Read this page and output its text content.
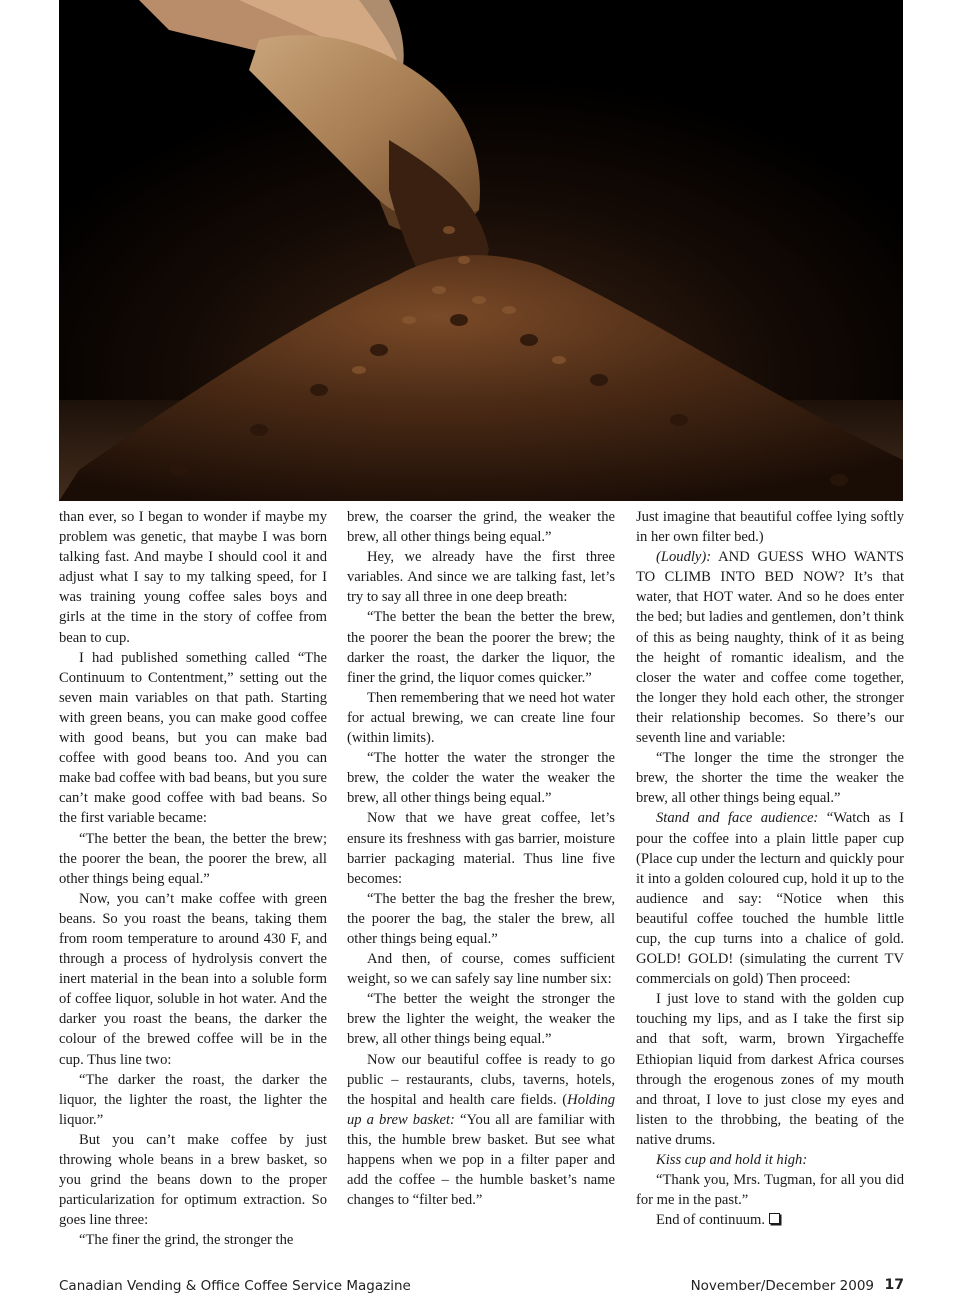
than ever, so I began to wonder if maybe my problem was genetic, that maybe I was born talking fast. And maybe I should cool it and adjust what I say to my talking speed, for I was training young coffee sales boys and girls at the time in the story of coffee from bean to cup.

I had published something called “The Continuum to Contentment,” setting out the seven main variables on that path. Starting with green beans, you can make good coffee with good beans, but you can make bad coffee with good beans too. And you can make bad coffee with bad beans, but you sure can’t make good coffee with bad beans. So the first variable became:

“The better the bean, the better the brew; the poorer the bean, the poorer the brew, all other things being equal.”

Now, you can’t make coffee with green beans. So you roast the beans, taking them from room temperature to around 430 F, and through a process of hydrolysis convert the inert material in the bean into a soluble form of coffee liquor, soluble in hot water. And the darker you roast the beans, the darker the colour of the brewed coffee will be in the cup. Thus line two:

“The darker the roast, the darker the liquor, the lighter the roast, the lighter the liquor.”

But you can’t make coffee by just throwing whole beans in a brew basket, so you grind the beans down to the proper particularization for optimum extraction. So goes line three:

“The finer the grind, the stronger the

brew, the coarser the grind, the weaker the brew, all other things being equal.”

Hey, we already have the first three variables. And since we are talking fast, let’s try to say all three in one deep breath:

“The better the bean the better the brew, the poorer the bean the poorer the brew; the darker the roast, the darker the liquor, the finer the grind, the liquor comes quicker.”

Then remembering that we need hot water for actual brewing, we can create line four (within limits).

“The hotter the water the stronger the brew, the colder the water the weaker the brew, all other things being equal.”

Now that we have great coffee, let’s ensure its freshness with gas barrier, moisture barrier packaging material. Thus line five becomes:

“The better the bag the fresher the brew, the poorer the bag, the staler the brew, all other things being equal.”

And then, of course, comes sufficient weight, so we can safely say line number six:

“The better the weight the stronger the brew the lighter the weight, the weaker the brew, all other things being equal.”

Now our beautiful coffee is ready to go public – restaurants, clubs, taverns, hotels, the hospital and health care fields. (Holding up a brew basket: “You all are familiar with this, the humble brew basket. But see what happens when we pop in a filter paper and add the coffee – the humble basket’s name changes to “filter bed.”

Just imagine that beautiful coffee lying softly in her own filter bed.)

(Loudly): AND GUESS WHO WANTS TO CLIMB INTO BED NOW? It’s that water, that HOT water. And so he does enter the bed; but ladies and gentlemen, don’t think of this as being naughty, think of it as being the height of romantic idealism, and the closer the water and coffee come together, the longer they hold each other, the stronger their relationship becomes. So there’s our seventh line and variable:

“The longer the time the stronger the brew, the shorter the time the weaker the brew, all other things being equal.”

Stand and face audience: “Watch as I pour the coffee into a plain little paper cup (Place cup under the lecturn and quickly pour it into a golden coloured cup, hold it up to the audience and say: “Notice when this beautiful coffee touched the humble little cup, the cup turns into a chalice of gold. GOLD! GOLD! (simulating the current TV commercials on gold) Then proceed:

I just love to stand with the golden cup touching my lips, and as I take the first sip and that soft, warm, brown Yirgacheffe Ethiopian liquid from darkest Africa courses through the erogenous zones of my mouth and throat, I love to just close my eyes and listen to the throbbing, the beating of the native drums.

Kiss cup and hold it high:

“Thank you, Mrs. Tugman, for all you did for me in the past.”

End of continuum.

Canadian Vending & Office Coffee Service Magazine	November/December 2009 17
